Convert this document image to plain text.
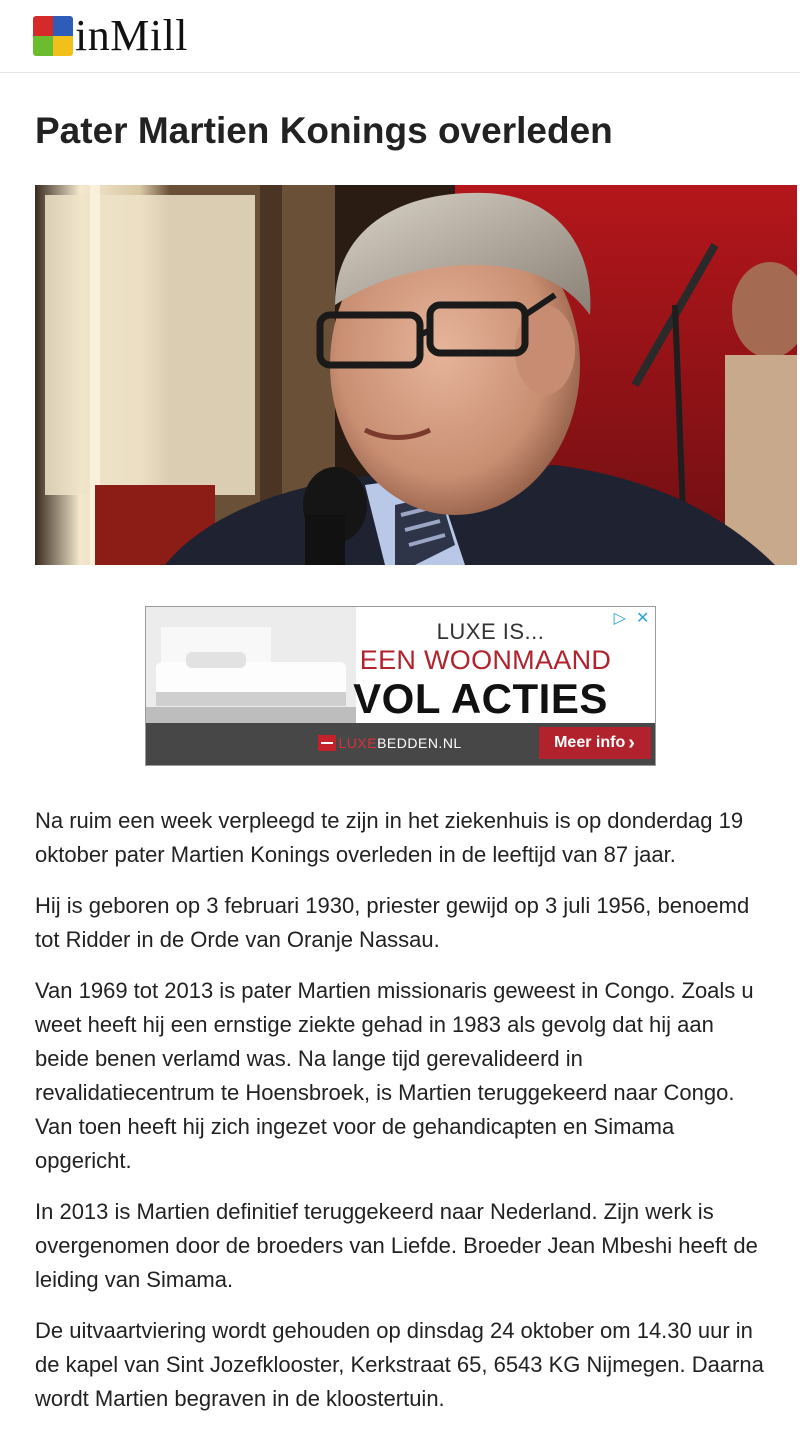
inMill
Pater Martien Konings overleden
▷ ✕
LUXE IS...
EEN WOONMAAND
VOL ACTIES
LUXE BEDDEN.NL	Meer info ›

Na ruim een week verpleegd te zijn in het ziekenhuis is op donderdag 19 oktober pater Martien Konings overleden in de leeftijd van 87 jaar.

Hij is geboren op 3 februari 1930, priester gewijd op 3 juli 1956, benoemd tot Ridder in de Orde van Oranje Nassau.

Van 1969 tot 2013 is pater Martien missionaris geweest in Congo. Zoals u weet heeft hij een ernstige ziekte gehad in 1983 als gevolg dat hij aan beide benen verlamd was. Na lange tijd gerevalideerd in revalidatiecentrum te Hoensbroek, is Martien teruggekeerd naar Congo. Van toen heeft hij zich ingezet voor de gehandicapten en Simama opgericht.

In 2013 is Martien definitief teruggekeerd naar Nederland. Zijn werk is overgenomen door de broeders van Liefde. Broeder Jean Mbeshi heeft de leiding van Simama.

De uitvaartviering wordt gehouden op dinsdag 24 oktober om 14.30 uur in de kapel van Sint Jozefklooster, Kerkstraat 65, 6543 KG Nijmegen. Daarna wordt Martien begraven in de kloostertuin.
